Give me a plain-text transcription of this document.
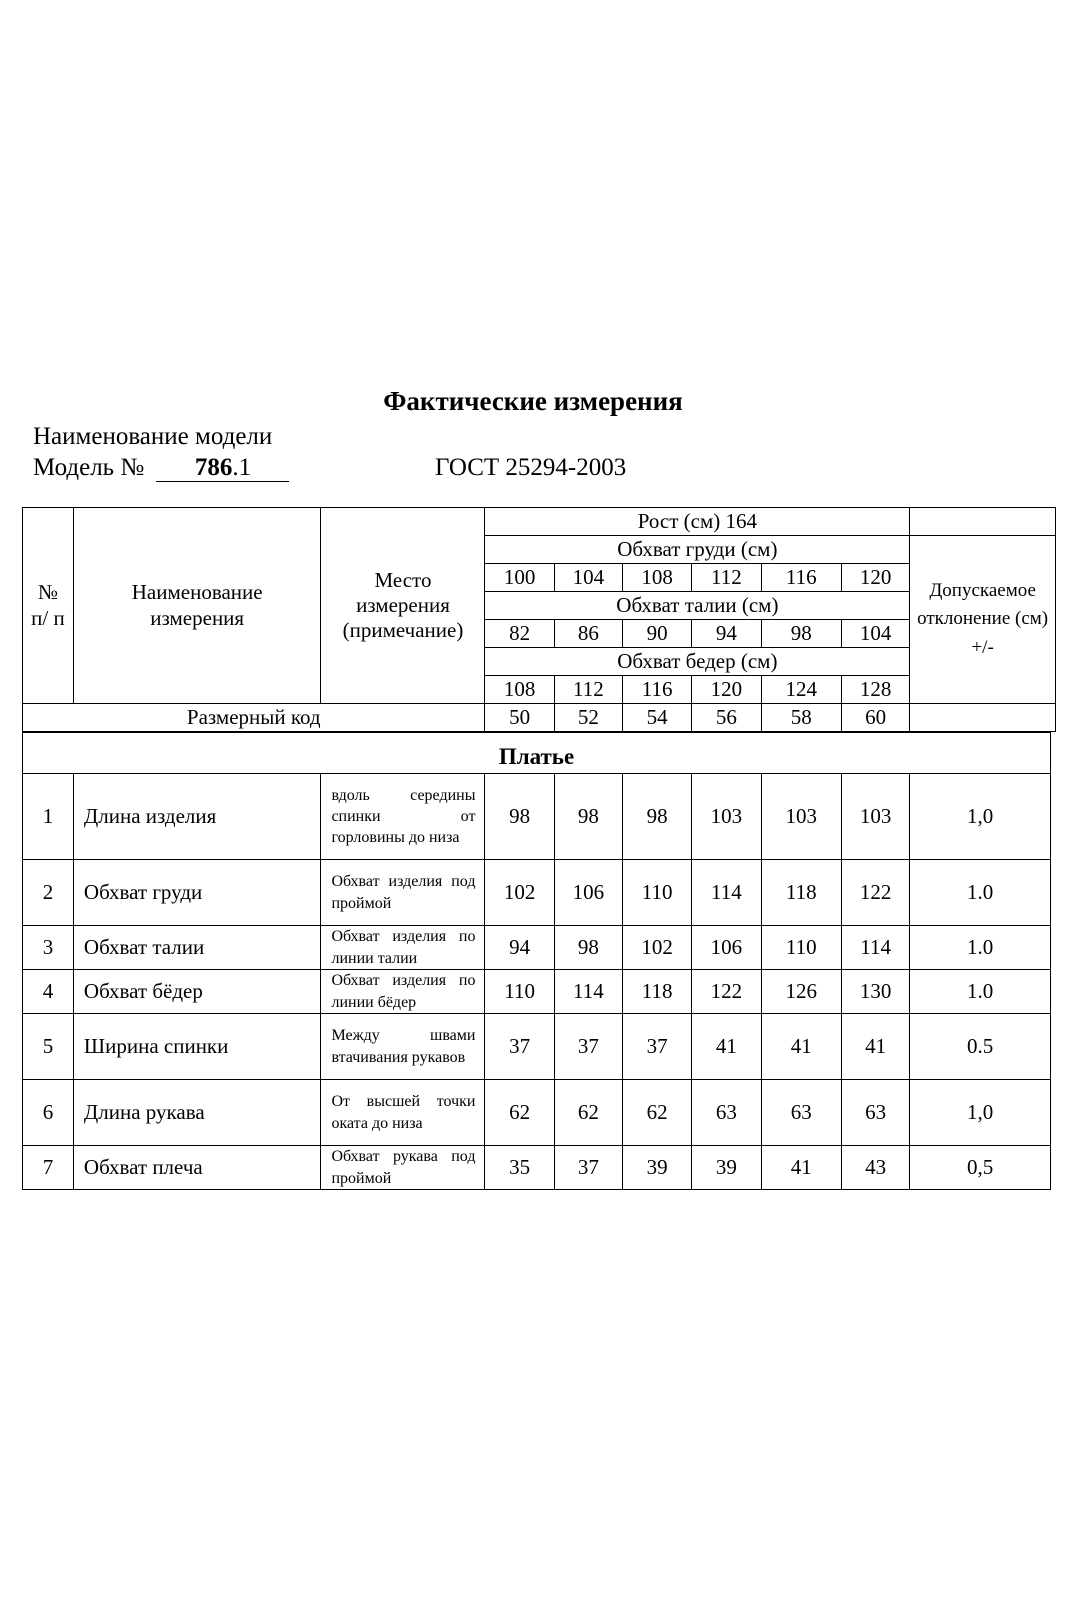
Фактические измерения
Наименование модели
Модель № 786.1	ГОСТ 25294-2003
№ п/ п	Наименование измерения	Место измерения (примечание)	Рост (см) 164						
			Обхват груди (см)						Допускаемое отклонение (см) +/-
			100	104	108	112	116	120	
			Обхват талии (см)						
			82	86	90	94	98	104	
			Обхват бедер (см)						
			108	112	116	120	124	128	
Размерный код			50	52	54	56	58	60	
Платье									
1	Длина изделия	вдоль середины спинки от горловины до низа	98	98	98	103	103	103	1,0
2	Обхват груди	Обхват изделия под проймой	102	106	110	114	118	122	1.0
3	Обхват талии	Обхват изделия по линии талии	94	98	102	106	110	114	1.0
4	Обхват бёдер	Обхват изделия по линии бёдер	110	114	118	122	126	130	1.0
5	Ширина спинки	Между швами втачивания рукавов	37	37	37	41	41	41	0.5
6	Длина рукава	От высшей точки оката до низа	62	62	62	63	63	63	1,0
7	Обхват плеча	Обхват рукава под проймой	35	37	39	39	41	43	0,5
